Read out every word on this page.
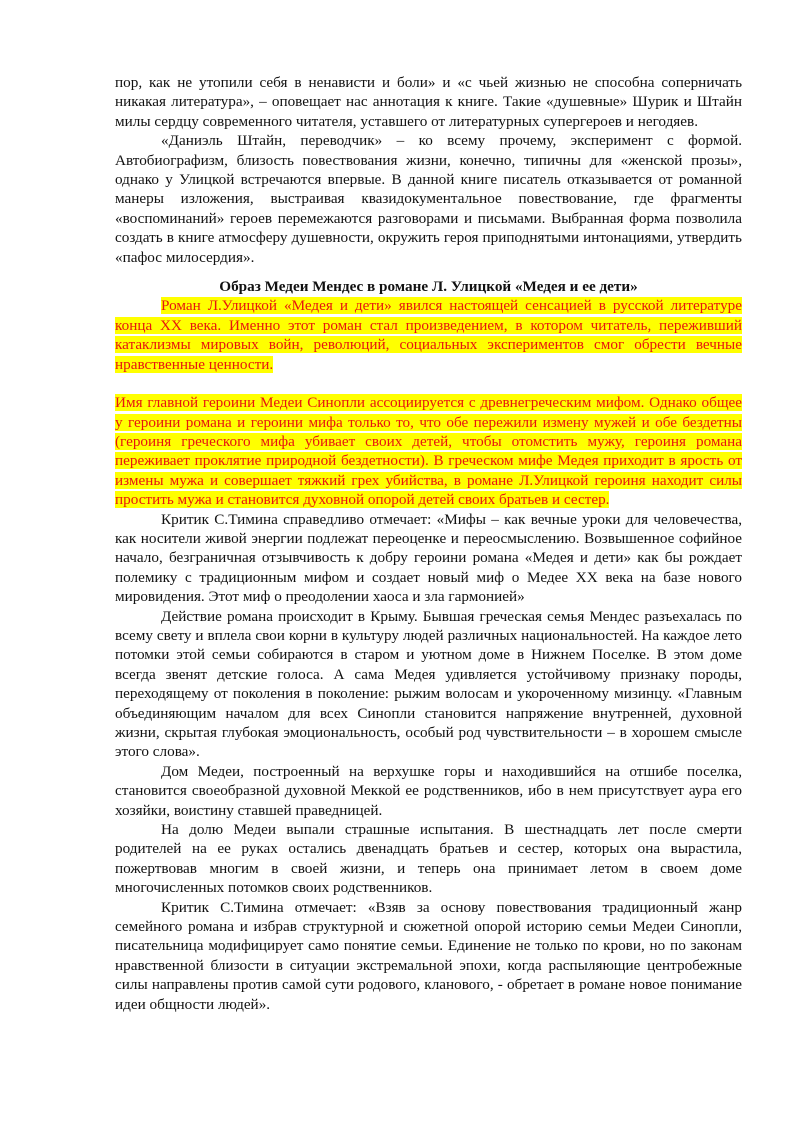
пор, как не утопили себя в ненависти и боли» и «с чьей жизнью не способна соперничать никакая литература», – оповещает нас аннотация к книге. Такие «душевные» Шурик и Штайн милы сердцу современного читателя, уставшего от литературных супергероев и негодяев.

«Даниэль Штайн, переводчик» – ко всему прочему, эксперимент с формой. Автобиографизм, близость повествования жизни, конечно, типичны для «женской прозы», однако у Улицкой встречаются впервые. В данной книге писатель отказывается от романной манеры изложения, выстраивая квазидокументальное повествование, где фрагменты «воспоминаний» героев перемежаются разговорами и письмами. Выбранная форма позволила создать в книге атмосферу душевности, окружить героя приподнятыми интонациями, утвердить «пафос милосердия».

Образ Медеи Мендес в романе Л. Улицкой «Медея и ее дети»

Роман Л.Улицкой «Медея и дети» явился настоящей сенсацией в русской литературе конца XX века. Именно этот роман стал произведением, в котором читатель, переживший катаклизмы мировых войн, революций, социальных экспериментов смог обрести вечные нравственные ценности.

Имя главной героини Медеи Синопли ассоциируется с древнегреческим мифом. Однако общее у героини романа и героини мифа только то, что обе пережили измену мужей и обе бездетны (героиня греческого мифа убивает своих детей, чтобы отомстить мужу, героиня романа переживает проклятие природной бездетности). В греческом мифе Медея приходит в ярость от измены мужа и совершает тяжкий грех убийства, в романе Л.Улицкой героиня находит силы простить мужа и становится духовной опорой детей своих братьев и сестер.

Критик С.Тимина справедливо отмечает: «Мифы – как вечные уроки для человечества, как носители живой энергии подлежат переоценке и переосмыслению. Возвышенное софийное начало, безграничная отзывчивость к добру героини романа «Медея и дети» как бы рождает полемику с традиционным мифом и создает новый миф о Медее XX века на базе нового мировидения. Этот миф о преодолении хаоса и зла гармонией»

Действие романа происходит в Крыму. Бывшая греческая семья Мендес разъехалась по всему свету и вплела свои корни в культуру людей различных национальностей. На каждое лето потомки этой семьи собираются в старом и уютном доме в Нижнем Поселке. В этом доме всегда звенят детские голоса. А сама Медея удивляется устойчивому признаку породы, переходящему от поколения в поколение: рыжим волосам и укороченному мизинцу. «Главным объединяющим началом для всех Синопли становится напряжение внутренней, духовной жизни, скрытая глубокая эмоциональность, особый род чувствительности – в хорошем смысле этого слова».

Дом Медеи, построенный на верхушке горы и находившийся на отшибе поселка, становится своеобразной духовной Меккой ее родственников, ибо в нем присутствует аура его хозяйки, воистину ставшей праведницей.

На долю Медеи выпали страшные испытания. В шестнадцать лет после смерти родителей на ее руках остались двенадцать братьев и сестер, которых она вырастила, пожертвовав многим в своей жизни, и теперь она принимает летом в своем доме многочисленных потомков своих родственников.

Критик С.Тимина отмечает: «Взяв за основу повествования традиционный жанр семейного романа и избрав структурной и сюжетной опорой историю семьи Медеи Синопли, писательница модифицирует само понятие семьи. Единение не только по крови, но по законам нравственной близости в ситуации экстремальной эпохи, когда распыляющие центробежные силы направлены против самой сути родового, кланового, - обретает в романе новое понимание идеи общности людей».
